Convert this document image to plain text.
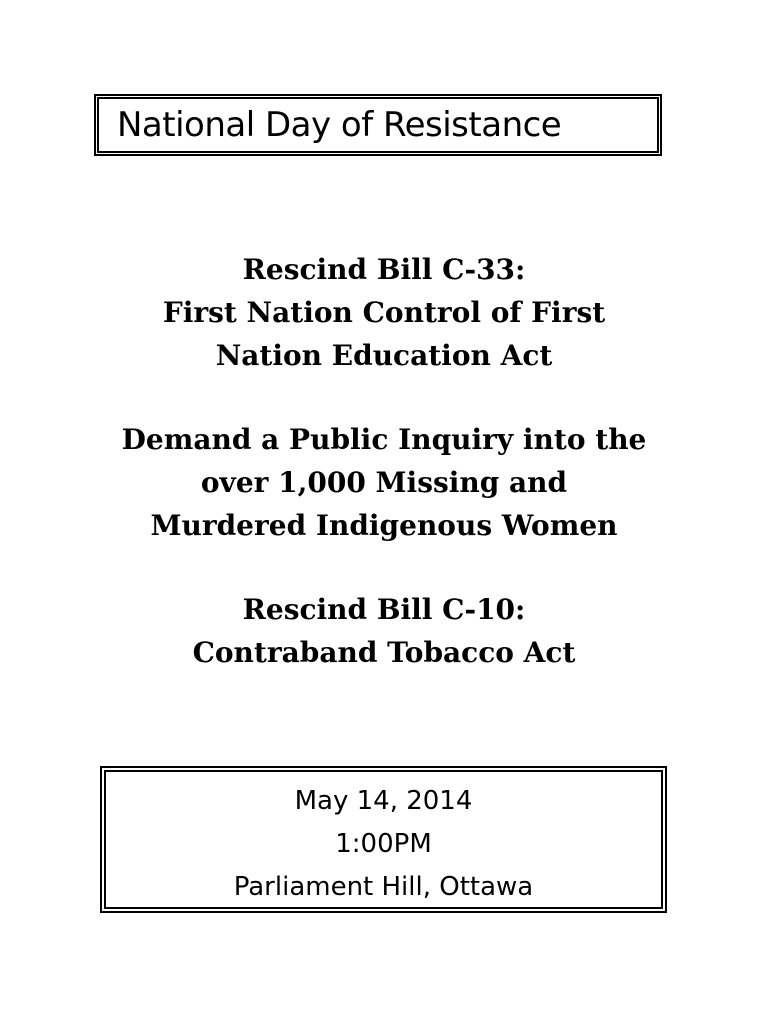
National Day of Resistance
Rescind Bill C-33:
First Nation Control of First
Nation Education Act
Demand a Public Inquiry into the
over 1,000 Missing and
Murdered Indigenous Women
Rescind Bill C-10:
Contraband Tobacco Act
May 14, 2014
1:00PM
Parliament Hill, Ottawa
